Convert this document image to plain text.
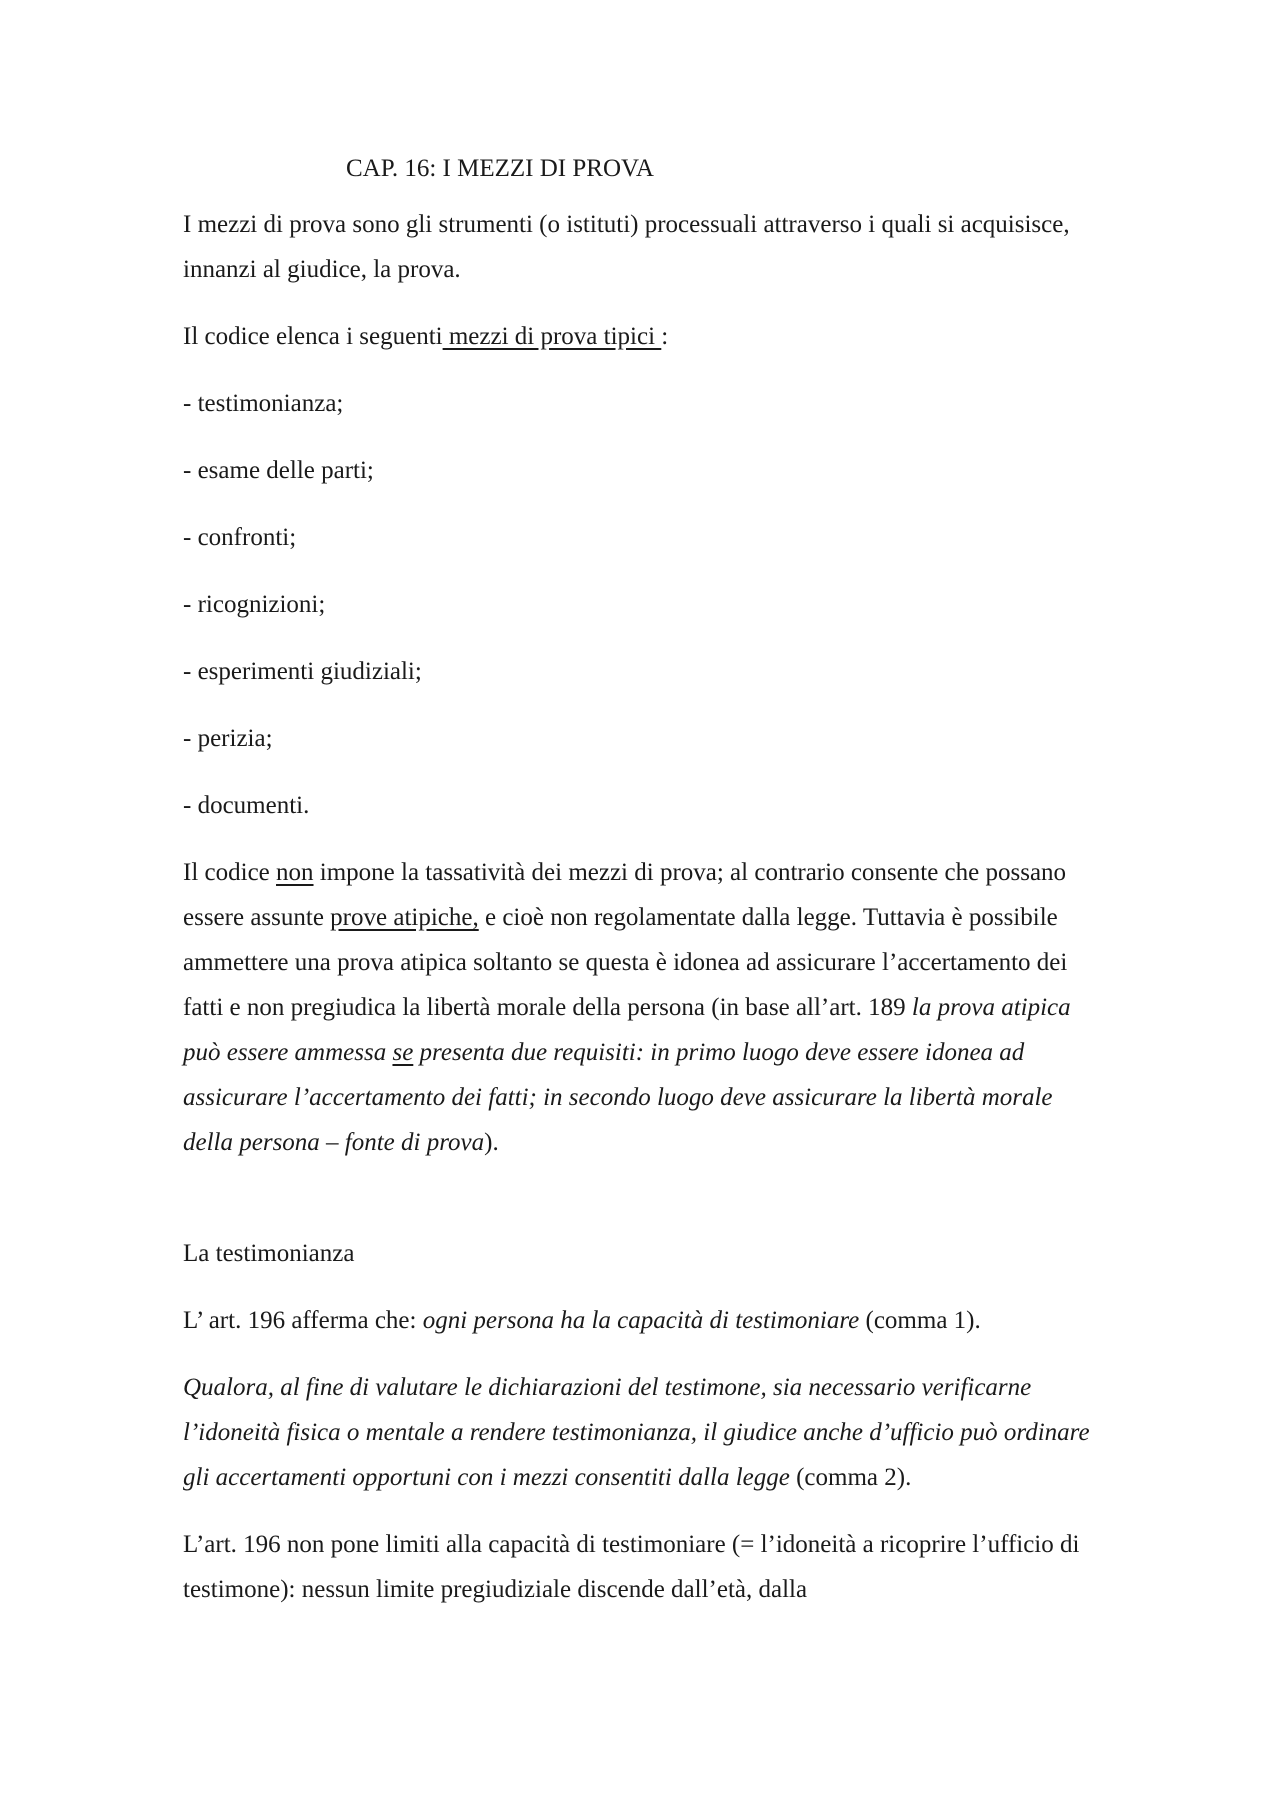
CAP. 16: I MEZZI DI PROVA

I mezzi di prova sono gli strumenti (o istituti) processuali attraverso i quali si acquisisce, innanzi al giudice, la prova.

Il codice elenca i seguenti mezzi di prova tipici :

- testimonianza;

- esame delle parti;

- confronti;

- ricognizioni;

- esperimenti giudiziali;

- perizia;

- documenti.

Il codice non impone la tassatività dei mezzi di prova; al contrario consente che possano essere assunte prove atipiche, e cioè non regolamentate dalla legge. Tuttavia è possibile ammettere una prova atipica soltanto se questa è idonea ad assicurare l’accertamento dei fatti e non pregiudica la libertà morale della persona (in base all’art. 189 la prova atipica può essere ammessa se presenta due requisiti: in primo luogo deve essere idonea ad assicurare l’accertamento dei fatti; in secondo luogo deve assicurare la libertà morale della persona – fonte di prova).

La testimonianza

L’ art. 196 afferma che: ogni persona ha la capacità di testimoniare (comma 1).

Qualora, al fine di valutare le dichiarazioni del testimone, sia necessario verificarne l’idoneità fisica o mentale a rendere testimonianza, il giudice anche d’ufficio può ordinare gli accertamenti opportuni con i mezzi consentiti dalla legge (comma 2).

L’art. 196 non pone limiti alla capacità di testimoniare (= l’idoneità a ricoprire l’ufficio di testimone): nessun limite pregiudiziale discende dall’età, dalla
